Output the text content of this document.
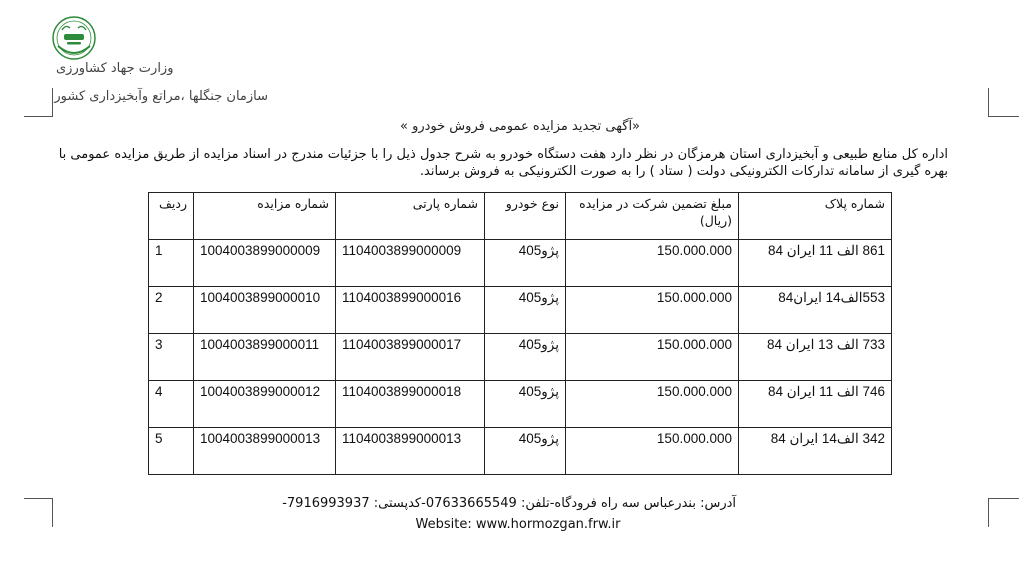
وزارت جهاد کشاورزی
سازمان جنگلها ،مراتع وآبخیزداری کشور
«آگهی تجدید مزایده عمومی فروش خودرو »
اداره کل منابع طبیعی و آبخیزداری استان هرمزگان در نظر دارد هفت دستگاه خودرو به شرح جدول ذیل را با جزئیات مندرج در اسناد مزایده از طریق مزایده عمومی با بهره گیری از سامانه تدارکات الکترونیکی دولت ( ستاد ) را به صورت الکترونیکی به فروش برساند.
شماره پلاک	مبلغ تضمین شرکت در مزایده (ریال)	نوع خودرو	شماره پارتی	شماره مزایده	ردیف
861 الف 11 ایران 84	150.000.000	پژو405	1104003899000009	1004003899000009	1
553الف14 ایران84	150.000.000	پژو405	1104003899000016	1004003899000010	2
733 الف 13 ایران 84	150.000.000	پژو405	1104003899000017	1004003899000011	3
746 الف 11 ایران 84	150.000.000	پژو405	1104003899000018	1004003899000012	4
342 الف14 ایران 84	150.000.000	پژو405	1104003899000013	1004003899000013	5
آدرس: بندرعباس سه راه فرودگاه-تلفن: 07633665549-کدپستی: 7916993937-
Website: www.hormozgan.frw.ir
